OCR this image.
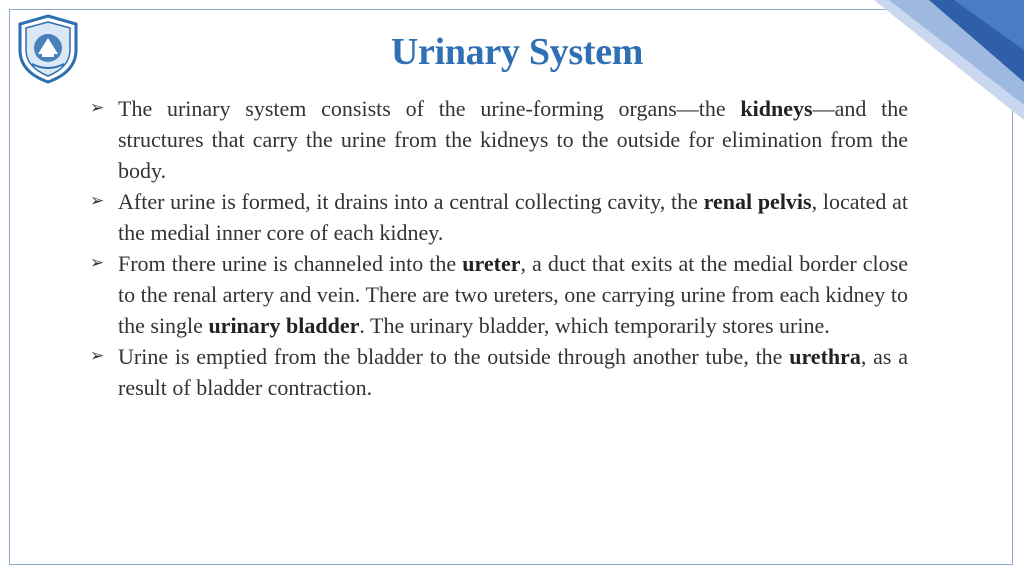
Urinary System
➢ The urinary system consists of the urine-forming organs—the kidneys—and the structures that carry the urine from the kidneys to the outside for elimination from the body.
➢ After urine is formed, it drains into a central collecting cavity, the renal pelvis, located at the medial inner core of each kidney.
➢ From there urine is channeled into the ureter, a duct that exits at the medial border close to the renal artery and vein. There are two ureters, one carrying urine from each kidney to the single urinary bladder. The urinary bladder, which temporarily stores urine.
➢ Urine is emptied from the bladder to the outside through another tube, the urethra, as a result of bladder contraction.
